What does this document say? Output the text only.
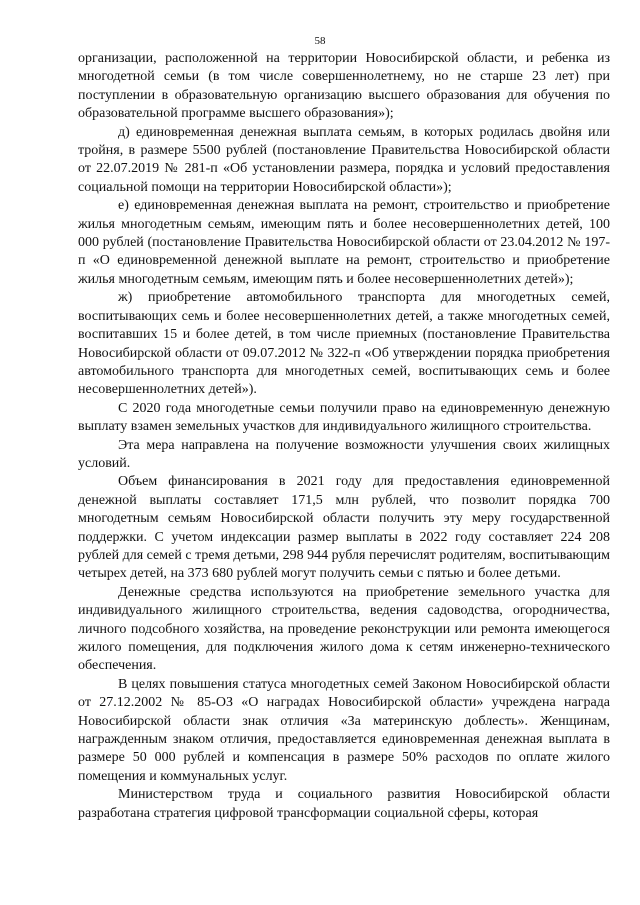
58

организации, расположенной на территории Новосибирской области, и ребенка из многодетной семьи (в том числе совершеннолетнему, но не старше 23 лет) при поступлении в образовательную организацию высшего образования для обучения по образовательной программе высшего образования»);

д) единовременная денежная выплата семьям, в которых родилась двойня или тройня, в размере 5500 рублей (постановление Правительства Новосибирской области от 22.07.2019 № 281-п «Об установлении размера, порядка и условий предоставления социальной помощи на территории Новосибирской области»);

е) единовременная денежная выплата на ремонт, строительство и приобретение жилья многодетным семьям, имеющим пять и более несовершеннолетних детей, 100 000 рублей (постановление Правительства Новосибирской области от 23.04.2012 № 197-п «О единовременной денежной выплате на ремонт, строительство и приобретение жилья многодетным семьям, имеющим пять и более несовершеннолетних детей»);

ж) приобретение автомобильного транспорта для многодетных семей, воспитывающих семь и более несовершеннолетних детей, а также многодетных семей, воспитавших 15 и более детей, в том числе приемных (постановление Правительства Новосибирской области от 09.07.2012 № 322-п «Об утверждении порядка приобретения автомобильного транспорта для многодетных семей, воспитывающих семь и более несовершеннолетних детей»).

С 2020 года многодетные семьи получили право на единовременную денежную выплату взамен земельных участков для индивидуального жилищного строительства.

Эта мера направлена на получение возможности улучшения своих жилищных условий.

Объем финансирования в 2021 году для предоставления единовременной денежной выплаты составляет 171,5 млн рублей, что позволит порядка 700 многодетным семьям Новосибирской области получить эту меру государственной поддержки. С учетом индексации размер выплаты в 2022 году составляет 224 208 рублей для семей с тремя детьми, 298 944 рубля перечислят родителям, воспитывающим четырех детей, на 373 680 рублей могут получить семьи с пятью и более детьми.

Денежные средства используются на приобретение земельного участка для индивидуального жилищного строительства, ведения садоводства, огородничества, личного подсобного хозяйства, на проведение реконструкции или ремонта имеющегося жилого помещения, для подключения жилого дома к сетям инженерно-технического обеспечения.

В целях повышения статуса многодетных семей Законом Новосибирской области от 27.12.2002 № 85-ОЗ «О наградах Новосибирской области» учреждена награда Новосибирской области знак отличия «За материнскую доблесть». Женщинам, награжденным знаком отличия, предоставляется единовременная денежная выплата в размере 50 000 рублей и компенсация в размере 50% расходов по оплате жилого помещения и коммунальных услуг.

Министерством труда и социального развития Новосибирской области разработана стратегия цифровой трансформации социальной сферы, которая
